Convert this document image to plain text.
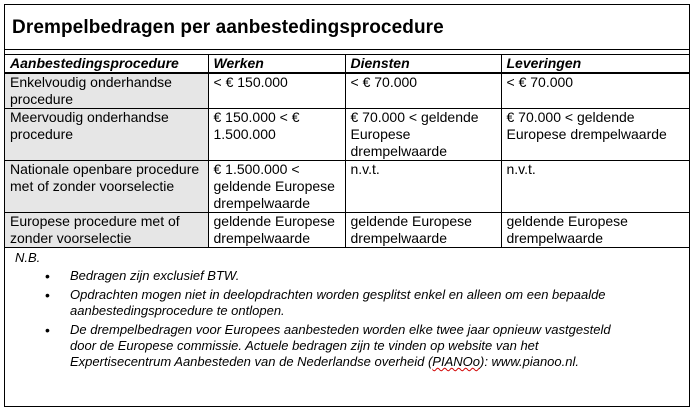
Drempelbedragen per aanbestedingsprocedure
Aanbestedingsprocedure	Werken	Diensten	Leveringen
Enkelvoudig onderhandse procedure	< € 150.000	< € 70.000	< € 70.000
Meervoudig onderhandse procedure	€ 150.000 < € 1.500.000	€ 70.000 < geldende Europese drempelwaarde	€ 70.000 < geldende Europese drempelwaarde
Nationale openbare procedure met of zonder voorselectie	€ 1.500.000 < geldende Europese drempelwaarde	n.v.t.	n.v.t.
Europese procedure met of zonder voorselectie	geldende Europese drempelwaarde	geldende Europese drempelwaarde	geldende Europese drempelwaarde
N.B.
• Bedragen zijn exclusief BTW.
• Opdrachten mogen niet in deelopdrachten worden gesplitst enkel en alleen om een bepaalde aanbestedingsprocedure te ontlopen.
• De drempelbedragen voor Europees aanbesteden worden elke twee jaar opnieuw vastgesteld door de Europese commissie. Actuele bedragen zijn te vinden op website van het Expertisecentrum Aanbesteden van de Nederlandse overheid (PIANOo): www.pianoo.nl.
